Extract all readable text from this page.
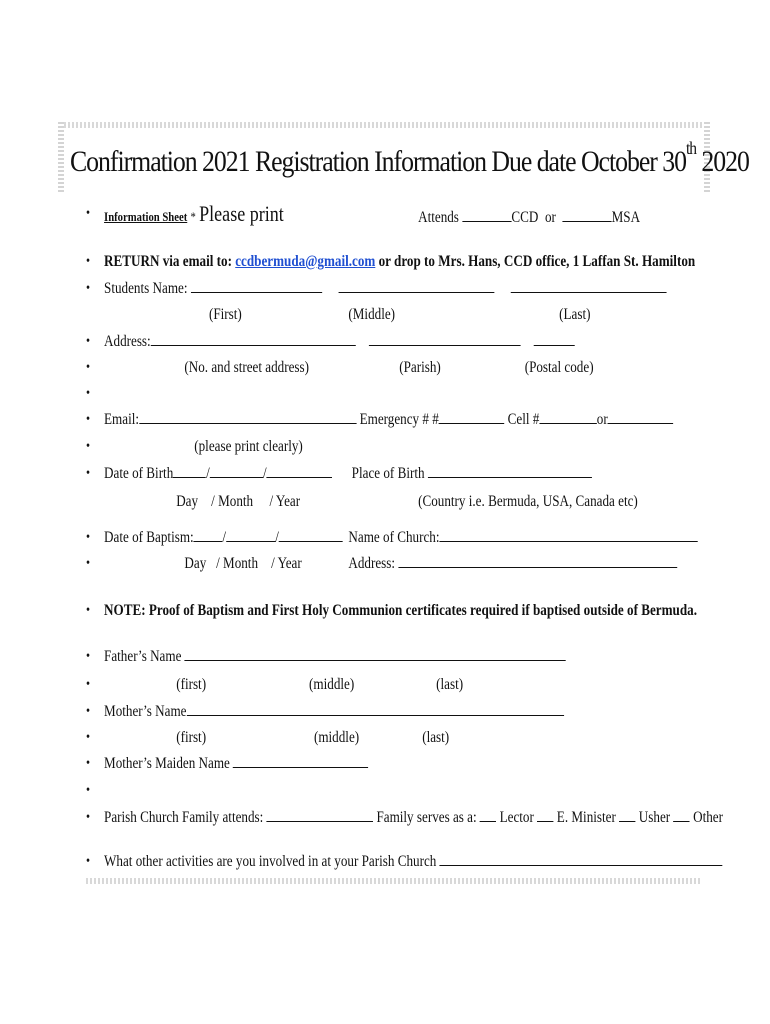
Confirmation 2021 Registration Information Due date October 30th 2020
• Information Sheet * Please print	Attends	CCD or	MSA
• RETURN via email to: ccdbermuda@gmail.com or drop to Mrs. Hans, CCD office, 1 Laffan St. Hamilton
• Students Name:
(First)	(Middle)	(Last)
• Address:
•	(No. and street address)	(Parish)	(Postal code)
•
• Email:	Emergency # #	Cell #	or
•	(please print clearly)
• Date of Birth /	/	Place of Birth
Day    / Month     / Year	(Country i.e. Bermuda, USA, Canada etc)
• Date of Baptism: /	/	Name of Church:
•	Day   / Month    / Year	Address:
• NOTE: Proof of Baptism and First Holy Communion certificates required if baptised outside of Bermuda.
• Father’s Name
•	(first)	(middle)	(last)
• Mother’s Name
•	(first)	(middle)	(last)
• Mother’s Maiden Name
•
• Parish Church Family attends:	Family serves as a: Lector E. Minister Usher Other
• What other activities are you involved in at your Parish Church
